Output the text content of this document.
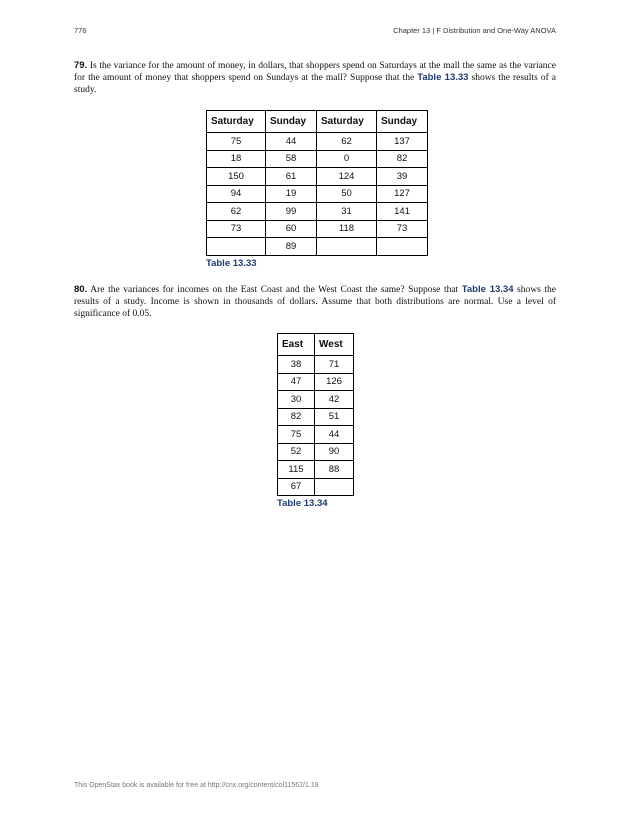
776	Chapter 13 | F Distribution and One-Way ANOVA
79. Is the variance for the amount of money, in dollars, that shoppers spend on Saturdays at the mall the same as the variance for the amount of money that shoppers spend on Sundays at the mall? Suppose that the Table 13.33 shows the results of a study.
Saturday	Sunday	Saturday	Sunday
75	44	62	137
18	58	0	82
150	61	124	39
94	19	50	127
62	99	31	141
73	60	118	73
	89		
Table 13.33
80. Are the variances for incomes on the East Coast and the West Coast the same? Suppose that Table 13.34 shows the results of a study. Income is shown in thousands of dollars. Assume that both distributions are normal. Use a level of significance of 0.05.
East	West
38	71
47	126
30	42
82	51
75	44
52	90
115	88
67	
Table 13.34
This OpenStax book is available for free at http://cnx.org/content/col11562/1.18
